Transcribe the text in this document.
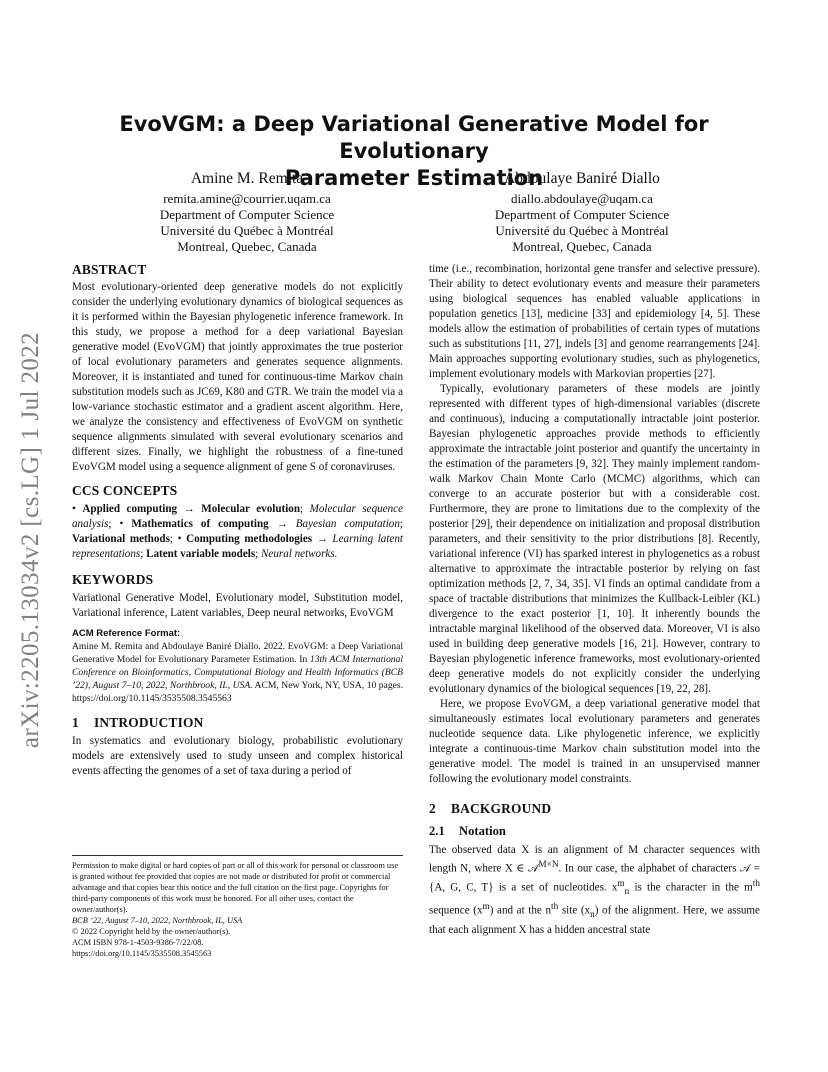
arXiv:2205.13034v2 [cs.LG] 1 Jul 2022
EvoVGM: a Deep Variational Generative Model for Evolutionary
Parameter Estimation
Amine M. Remita
remita.amine@courrier.uqam.ca
Department of Computer Science
Université du Québec à Montréal
Montreal, Quebec, Canada
Abdoulaye Baniré Diallo
diallo.abdoulaye@uqam.ca
Department of Computer Science
Université du Québec à Montréal
Montreal, Quebec, Canada
ABSTRACT

Most evolutionary-oriented deep generative models do not explicitly consider the underlying evolutionary dynamics of biological sequences as it is performed within the Bayesian phylogenetic inference framework. In this study, we propose a method for a deep variational Bayesian generative model (EvoVGM) that jointly approximates the true posterior of local evolutionary parameters and generates sequence alignments. Moreover, it is instantiated and tuned for continuous-time Markov chain substitution models such as JC69, K80 and GTR. We train the model via a low-variance stochastic estimator and a gradient ascent algorithm. Here, we analyze the consistency and effectiveness of EvoVGM on synthetic sequence alignments simulated with several evolutionary scenarios and different sizes. Finally, we highlight the robustness of a fine-tuned EvoVGM model using a sequence alignment of gene S of coronaviruses.

CCS CONCEPTS

• Applied computing → Molecular evolution; Molecular sequence analysis; • Mathematics of computing → Bayesian computation; Variational methods; • Computing methodologies → Learning latent representations; Latent variable models; Neural networks.

KEYWORDS

Variational Generative Model, Evolutionary model, Substitution model, Variational inference, Latent variables, Deep neural networks, EvoVGM

ACM Reference Format:

Amine M. Remita and Abdoulaye Baniré Diallo. 2022. EvoVGM: a Deep Variational Generative Model for Evolutionary Parameter Estimation. In 13th ACM International Conference on Bioinformatics, Computational Biology and Health Informatics (BCB ’22), August 7–10, 2022, Northbrook, IL, USA. ACM, New York, NY, USA, 10 pages. https://doi.org/10.1145/3535508.3545563

1 INTRODUCTION

In systematics and evolutionary biology, probabilistic evolutionary models are extensively used to study unseen and complex historical events affecting the genomes of a set of taxa during a period of

Permission to make digital or hard copies of part or all of this work for personal or classroom use is granted without fee provided that copies are not made or distributed for profit or commercial advantage and that copies bear this notice and the full citation on the first page. Copyrights for third-party components of this work must be honored. For all other uses, contact the owner/author(s).

BCB ’22, August 7–10, 2022, Northbrook, IL, USA

© 2022 Copyright held by the owner/author(s).

ACM ISBN 978-1-4503-9386-7/22/08.

https://doi.org/10.1145/3535508.3545563

time (i.e., recombination, horizontal gene transfer and selective pressure). Their ability to detect evolutionary events and measure their parameters using biological sequences has enabled valuable applications in population genetics [13], medicine [33] and epidemiology [4, 5]. These models allow the estimation of probabilities of certain types of mutations such as substitutions [11, 27], indels [3] and genome rearrangements [24]. Main approaches supporting evolutionary studies, such as phylogenetics, implement evolutionary models with Markovian properties [27].

Typically, evolutionary parameters of these models are jointly represented with different types of high-dimensional variables (discrete and continuous), inducing a computationally intractable joint posterior. Bayesian phylogenetic approaches provide methods to efficiently approximate the intractable joint posterior and quantify the uncertainty in the estimation of the parameters [9, 32]. They mainly implement random-walk Markov Chain Monte Carlo (MCMC) algorithms, which can converge to an accurate posterior but with a considerable cost. Furthermore, they are prone to limitations due to the complexity of the posterior [29], their dependence on initialization and proposal distribution parameters, and their sensitivity to the prior distributions [8]. Recently, variational inference (VI) has sparked interest in phylogenetics as a robust alternative to approximate the intractable posterior by relying on fast optimization methods [2, 7, 34, 35]. VI finds an optimal candidate from a space of tractable distributions that minimizes the Kullback-Leibler (KL) divergence to the exact posterior [1, 10]. It inherently bounds the intractable marginal likelihood of the observed data. Moreover, VI is also used in building deep generative models [16, 21]. However, contrary to Bayesian phylogenetic inference frameworks, most evolutionary-oriented deep generative models do not explicitly consider the underlying evolutionary dynamics of the biological sequences [19, 22, 28].

Here, we propose EvoVGM, a deep variational generative model that simultaneously estimates local evolutionary parameters and generates nucleotide sequence data. Like phylogenetic inference, we explicitly integrate a continuous-time Markov chain substitution model into the generative model. The model is trained in an unsupervised manner following the evolutionary model constraints.

2 BACKGROUND
2.1 Notation

The observed data X is an alignment of M character sequences with length N, where X ∈ 𝒜$^{M\times N}$. In our case, the alphabet of characters 𝒜 = {A, G, C, T} is a set of nucleotides. $x^m_n$ is the character in the $m^{th}$ sequence $(x^m)$ and at the $n^{th}$ site $(x_n)$ of the alignment. Here, we assume that each alignment X has a hidden ancestral state
